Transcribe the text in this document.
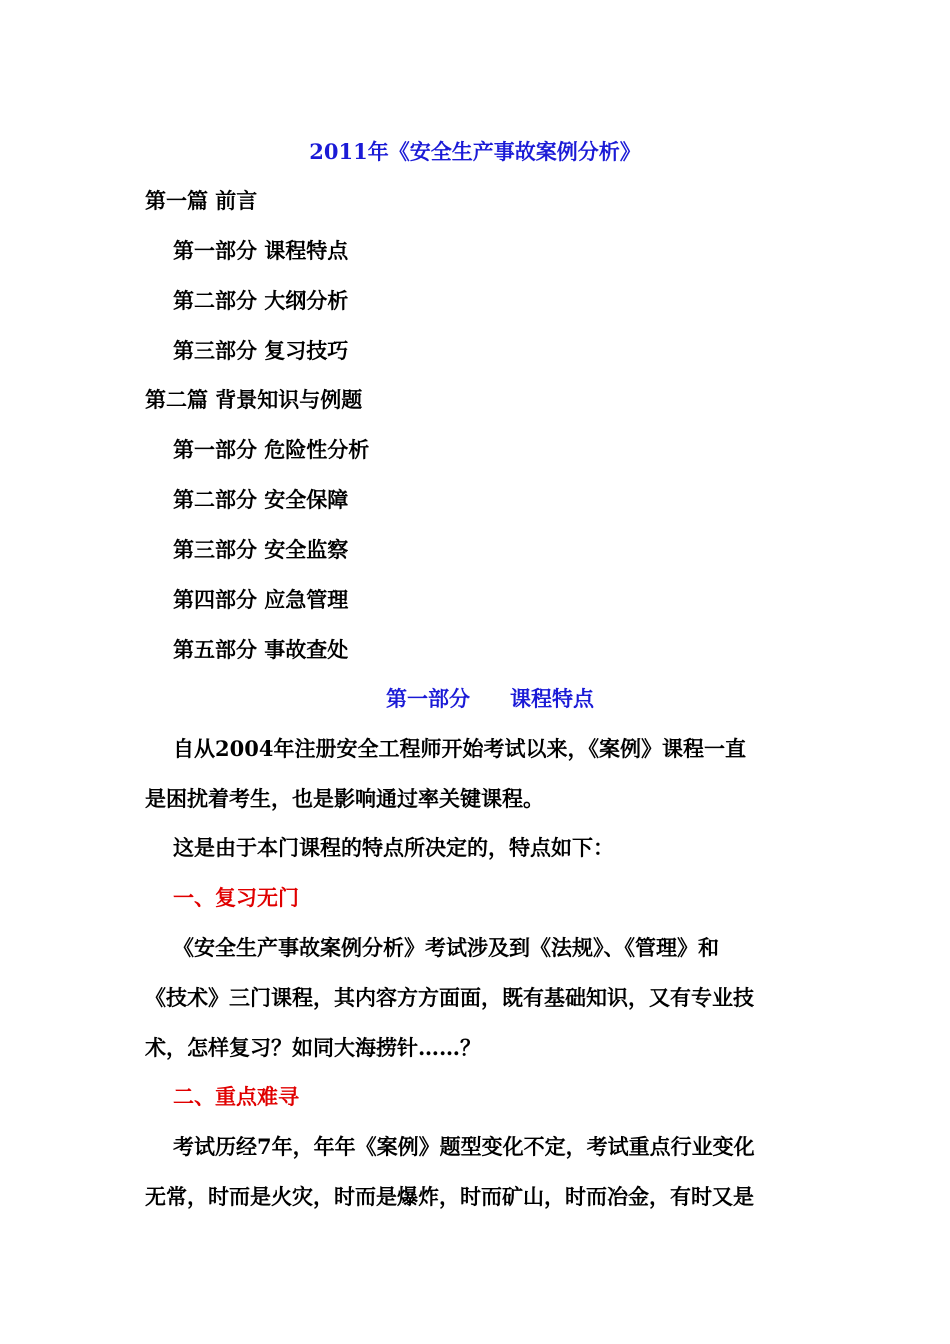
2011年《安全生产事故案例分析》
第一篇 前言
第一部分 课程特点
第二部分 大纲分析
第三部分 复习技巧
第二篇 背景知识与例题
第一部分 危险性分析
第二部分 安全保障
第三部分 安全监察
第四部分 应急管理
第五部分 事故查处
第一部分 课程特点
自从2004年注册安全工程师开始考试以来，《案例》课程一直
是困扰着考生，也是影响通过率关键课程。
这是由于本门课程的特点所决定的，特点如下：
一、复习无门
《安全生产事故案例分析》考试涉及到《法规》、《管理》和
《技术》三门课程，其内容方方面面，既有基础知识，又有专业技
术，怎样复习？如同大海捞针……？
二、重点难寻
考试历经7年，年年《案例》题型变化不定，考试重点行业变化
无常，时而是火灾，时而是爆炸，时而矿山，时而冶金，有时又是
